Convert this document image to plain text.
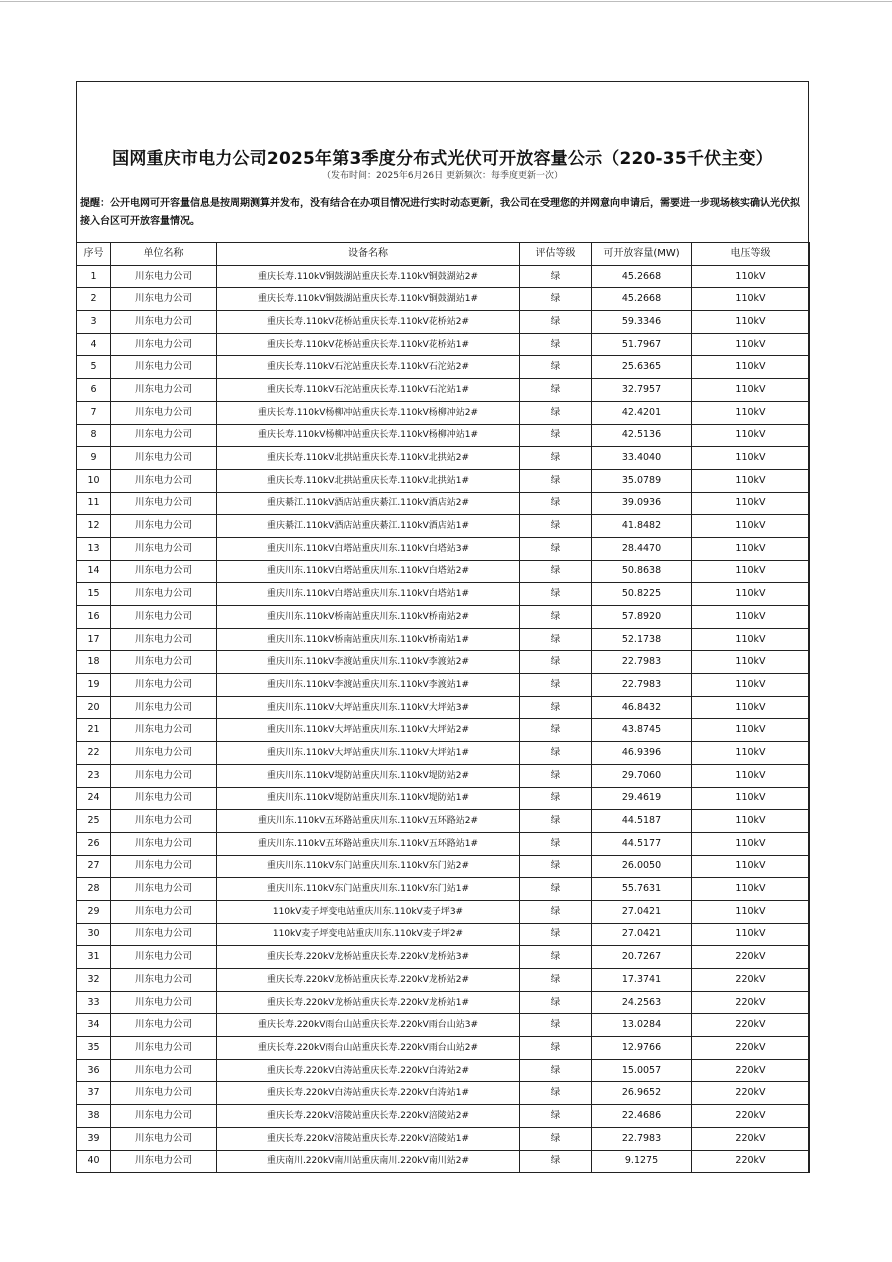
国网重庆市电力公司2025年第3季度分布式光伏可开放容量公示（220-35千伏主变）
（发布时间：2025年6月26日 更新频次：每季度更新一次）
提醒：公开电网可开容量信息是按周期测算并发布，没有结合在办项目情况进行实时动态更新，我公司在受理您的并网意向申请后，需要进一步现场核实确认光伏拟接入台区可开放容量情况。
序号	单位名称	设备名称	评估等级	可开放容量(MW)	电压等级
1	川东电力公司	重庆长寿.110kV铜鼓湖站重庆长寿.110kV铜鼓湖站2#	绿	45.2668	110kV
2	川东电力公司	重庆长寿.110kV铜鼓湖站重庆长寿.110kV铜鼓湖站1#	绿	45.2668	110kV
3	川东电力公司	重庆长寿.110kV花桥站重庆长寿.110kV花桥站2#	绿	59.3346	110kV
4	川东电力公司	重庆长寿.110kV花桥站重庆长寿.110kV花桥站1#	绿	51.7967	110kV
5	川东电力公司	重庆长寿.110kV石沱站重庆长寿.110kV石沱站2#	绿	25.6365	110kV
6	川东电力公司	重庆长寿.110kV石沱站重庆长寿.110kV石沱站1#	绿	32.7957	110kV
7	川东电力公司	重庆长寿.110kV杨柳冲站重庆长寿.110kV杨柳冲站2#	绿	42.4201	110kV
8	川东电力公司	重庆长寿.110kV杨柳冲站重庆长寿.110kV杨柳冲站1#	绿	42.5136	110kV
9	川东电力公司	重庆长寿.110kV北拱站重庆长寿.110kV北拱站2#	绿	33.4040	110kV
10	川东电力公司	重庆长寿.110kV北拱站重庆长寿.110kV北拱站1#	绿	35.0789	110kV
11	川东电力公司	重庆綦江.110kV酒店站重庆綦江.110kV酒店站2#	绿	39.0936	110kV
12	川东电力公司	重庆綦江.110kV酒店站重庆綦江.110kV酒店站1#	绿	41.8482	110kV
13	川东电力公司	重庆川东.110kV白塔站重庆川东.110kV白塔站3#	绿	28.4470	110kV
14	川东电力公司	重庆川东.110kV白塔站重庆川东.110kV白塔站2#	绿	50.8638	110kV
15	川东电力公司	重庆川东.110kV白塔站重庆川东.110kV白塔站1#	绿	50.8225	110kV
16	川东电力公司	重庆川东.110kV桥南站重庆川东.110kV桥南站2#	绿	57.8920	110kV
17	川东电力公司	重庆川东.110kV桥南站重庆川东.110kV桥南站1#	绿	52.1738	110kV
18	川东电力公司	重庆川东.110kV李渡站重庆川东.110kV李渡站2#	绿	22.7983	110kV
19	川东电力公司	重庆川东.110kV李渡站重庆川东.110kV李渡站1#	绿	22.7983	110kV
20	川东电力公司	重庆川东.110kV大坪站重庆川东.110kV大坪站3#	绿	46.8432	110kV
21	川东电力公司	重庆川东.110kV大坪站重庆川东.110kV大坪站2#	绿	43.8745	110kV
22	川东电力公司	重庆川东.110kV大坪站重庆川东.110kV大坪站1#	绿	46.9396	110kV
23	川东电力公司	重庆川东.110kV堤防站重庆川东.110kV堤防站2#	绿	29.7060	110kV
24	川东电力公司	重庆川东.110kV堤防站重庆川东.110kV堤防站1#	绿	29.4619	110kV
25	川东电力公司	重庆川东.110kV五环路站重庆川东.110kV五环路站2#	绿	44.5187	110kV
26	川东电力公司	重庆川东.110kV五环路站重庆川东.110kV五环路站1#	绿	44.5177	110kV
27	川东电力公司	重庆川东.110kV东门站重庆川东.110kV东门站2#	绿	26.0050	110kV
28	川东电力公司	重庆川东.110kV东门站重庆川东.110kV东门站1#	绿	55.7631	110kV
29	川东电力公司	110kV麦子坪变电站重庆川东.110kV麦子坪3#	绿	27.0421	110kV
30	川东电力公司	110kV麦子坪变电站重庆川东.110kV麦子坪2#	绿	27.0421	110kV
31	川东电力公司	重庆长寿.220kV龙桥站重庆长寿.220kV龙桥站3#	绿	20.7267	220kV
32	川东电力公司	重庆长寿.220kV龙桥站重庆长寿.220kV龙桥站2#	绿	17.3741	220kV
33	川东电力公司	重庆长寿.220kV龙桥站重庆长寿.220kV龙桥站1#	绿	24.2563	220kV
34	川东电力公司	重庆长寿.220kV雨台山站重庆长寿.220kV雨台山站3#	绿	13.0284	220kV
35	川东电力公司	重庆长寿.220kV雨台山站重庆长寿.220kV雨台山站2#	绿	12.9766	220kV
36	川东电力公司	重庆长寿.220kV白涛站重庆长寿.220kV白涛站2#	绿	15.0057	220kV
37	川东电力公司	重庆长寿.220kV白涛站重庆长寿.220kV白涛站1#	绿	26.9652	220kV
38	川东电力公司	重庆长寿.220kV涪陵站重庆长寿.220kV涪陵站2#	绿	22.4686	220kV
39	川东电力公司	重庆长寿.220kV涪陵站重庆长寿.220kV涪陵站1#	绿	22.7983	220kV
40	川东电力公司	重庆南川.220kV南川站重庆南川.220kV南川站2#	绿	9.1275	220kV
